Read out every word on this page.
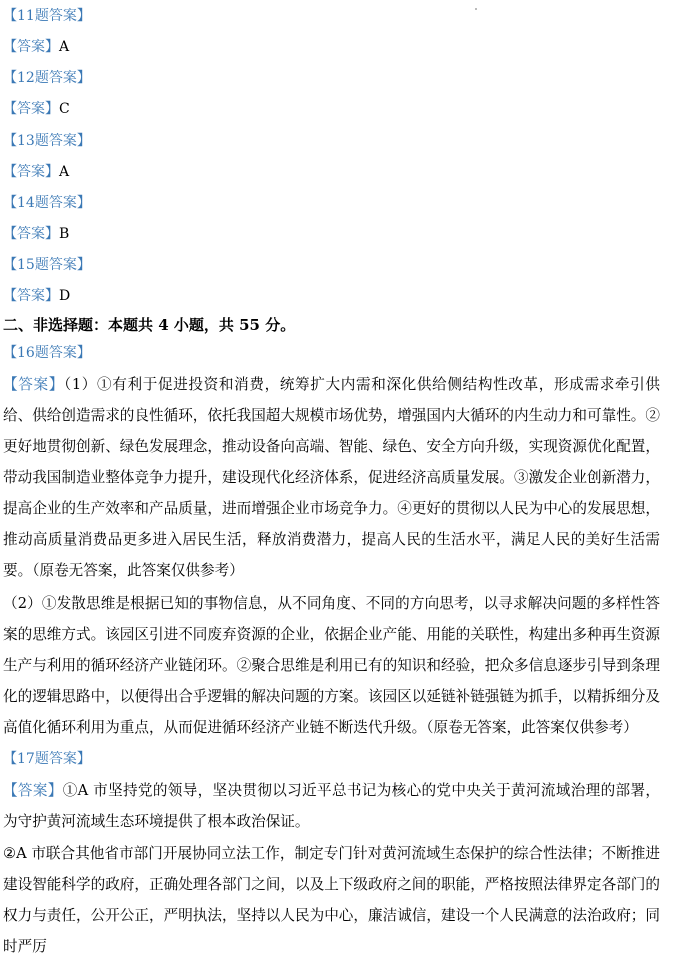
【11题答案】

【答案】A

【12题答案】

【答案】C

【13题答案】

【答案】A

【14题答案】

【答案】B

【15题答案】

【答案】D

二、非选择题：本题共 4 小题，共 55 分。

【16题答案】

【答案】（1）①有利于促进投资和消费，统筹扩大内需和深化供给侧结构性改革，形成需求牵引供给、供给创造需求的良性循环，依托我国超大规模市场优势，增强国内大循环的内生动力和可靠性。②更好地贯彻创新、绿色发展理念，推动设备向高端、智能、绿色、安全方向升级，实现资源优化配置，带动我国制造业整体竞争力提升，建设现代化经济体系，促进经济高质量发展。③激发企业创新潜力，提高企业的生产效率和产品质量，进而增强企业市场竞争力。④更好的贯彻以人民为中心的发展思想，推动高质量消费品更多进入居民生活，释放消费潜力，提高人民的生活水平，满足人民的美好生活需要。（原卷无答案，此答案仅供参考）

（2）①发散思维是根据已知的事物信息，从不同角度、不同的方向思考，以寻求解决问题的多样性答案的思维方式。该园区引进不同废弃资源的企业，依据企业产能、用能的关联性，构建出多种再生资源生产与利用的循环经济产业链闭环。②聚合思维是利用已有的知识和经验，把众多信息逐步引导到条理化的逻辑思路中，以便得出合乎逻辑的解决问题的方案。该园区以延链补链强链为抓手，以精拆细分及高值化循环利用为重点，从而促进循环经济产业链不断迭代升级。（原卷无答案，此答案仅供参考）

【17题答案】

【答案】①A 市坚持党的领导，坚决贯彻以习近平总书记为核心的党中央关于黄河流域治理的部署，为守护黄河流域生态环境提供了根本政治保证。

②A 市联合其他省市部门开展协同立法工作，制定专门针对黄河流域生态保护的综合性法律；不断推进建设智能科学的政府，正确处理各部门之间，以及上下级政府之间的职能，严格按照法律界定各部门的权力与责任，公开公正，严明执法，坚持以人民为中心，廉洁诚信，建设一个人民满意的法治政府；同时严厉
